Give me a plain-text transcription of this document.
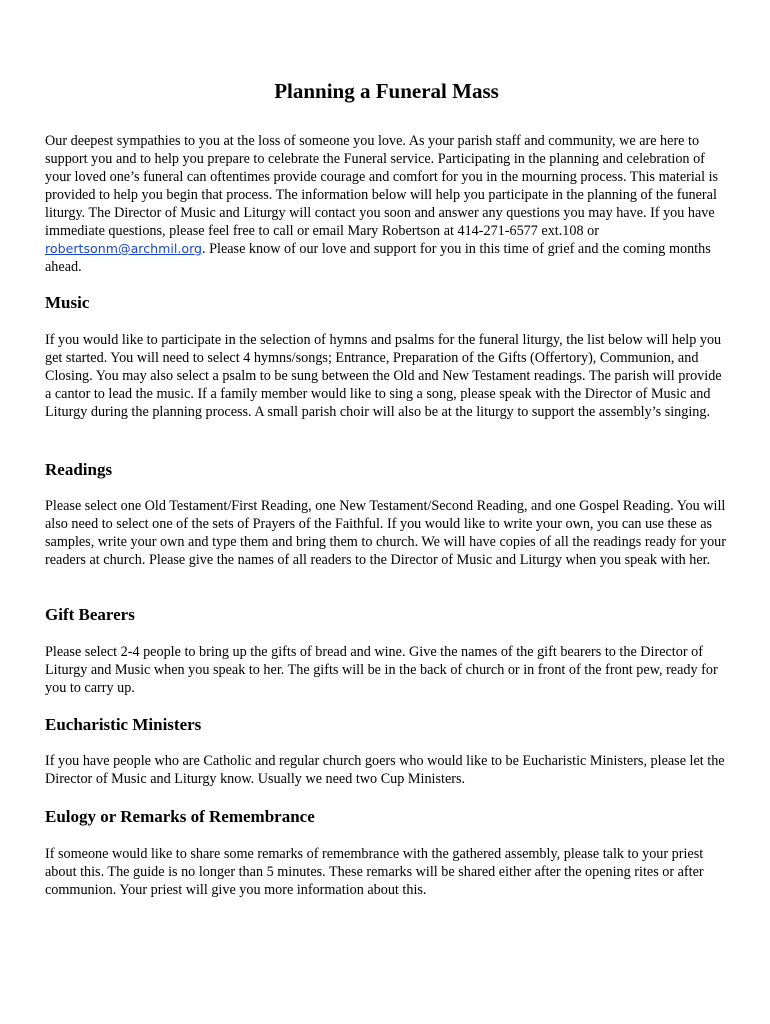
Planning a Funeral Mass

Our deepest sympathies to you at the loss of someone you love. As your parish staff and community, we are here to support you and to help you prepare to celebrate the Funeral service. Participating in the planning and celebration of your loved one’s funeral can oftentimes provide courage and comfort for you in the mourning process. This material is provided to help you begin that process. The information below will help you participate in the planning of the funeral liturgy. The Director of Music and Liturgy will contact you soon and answer any questions you may have. If you have immediate questions, please feel free to call or email Mary Robertson at 414-271-6577 ext.108 or robertsonm@archmil.org. Please know of our love and support for you in this time of grief and the coming months ahead.

Music

If you would like to participate in the selection of hymns and psalms for the funeral liturgy, the list below will help you get started. You will need to select 4 hymns/songs; Entrance, Preparation of the Gifts (Offertory), Communion, and Closing. You may also select a psalm to be sung between the Old and New Testament readings. The parish will provide a cantor to lead the music. If a family member would like to sing a song, please speak with the Director of Music and Liturgy during the planning process. A small parish choir will also be at the liturgy to support the assembly’s singing.

Readings

Please select one Old Testament/First Reading, one New Testament/Second Reading, and one Gospel Reading. You will also need to select one of the sets of Prayers of the Faithful. If you would like to write your own, you can use these as samples, write your own and type them and bring them to church. We will have copies of all the readings ready for your readers at church. Please give the names of all readers to the Director of Music and Liturgy when you speak with her.

Gift Bearers

Please select 2-4 people to bring up the gifts of bread and wine. Give the names of the gift bearers to the Director of Liturgy and Music when you speak to her. The gifts will be in the back of church or in front of the front pew, ready for you to carry up.

Eucharistic Ministers

If you have people who are Catholic and regular church goers who would like to be Eucharistic Ministers, please let the Director of Music and Liturgy know. Usually we need two Cup Ministers.

Eulogy or Remarks of Remembrance

If someone would like to share some remarks of remembrance with the gathered assembly, please talk to your priest about this. The guide is no longer than 5 minutes. These remarks will be shared either after the opening rites or after communion. Your priest will give you more information about this.
